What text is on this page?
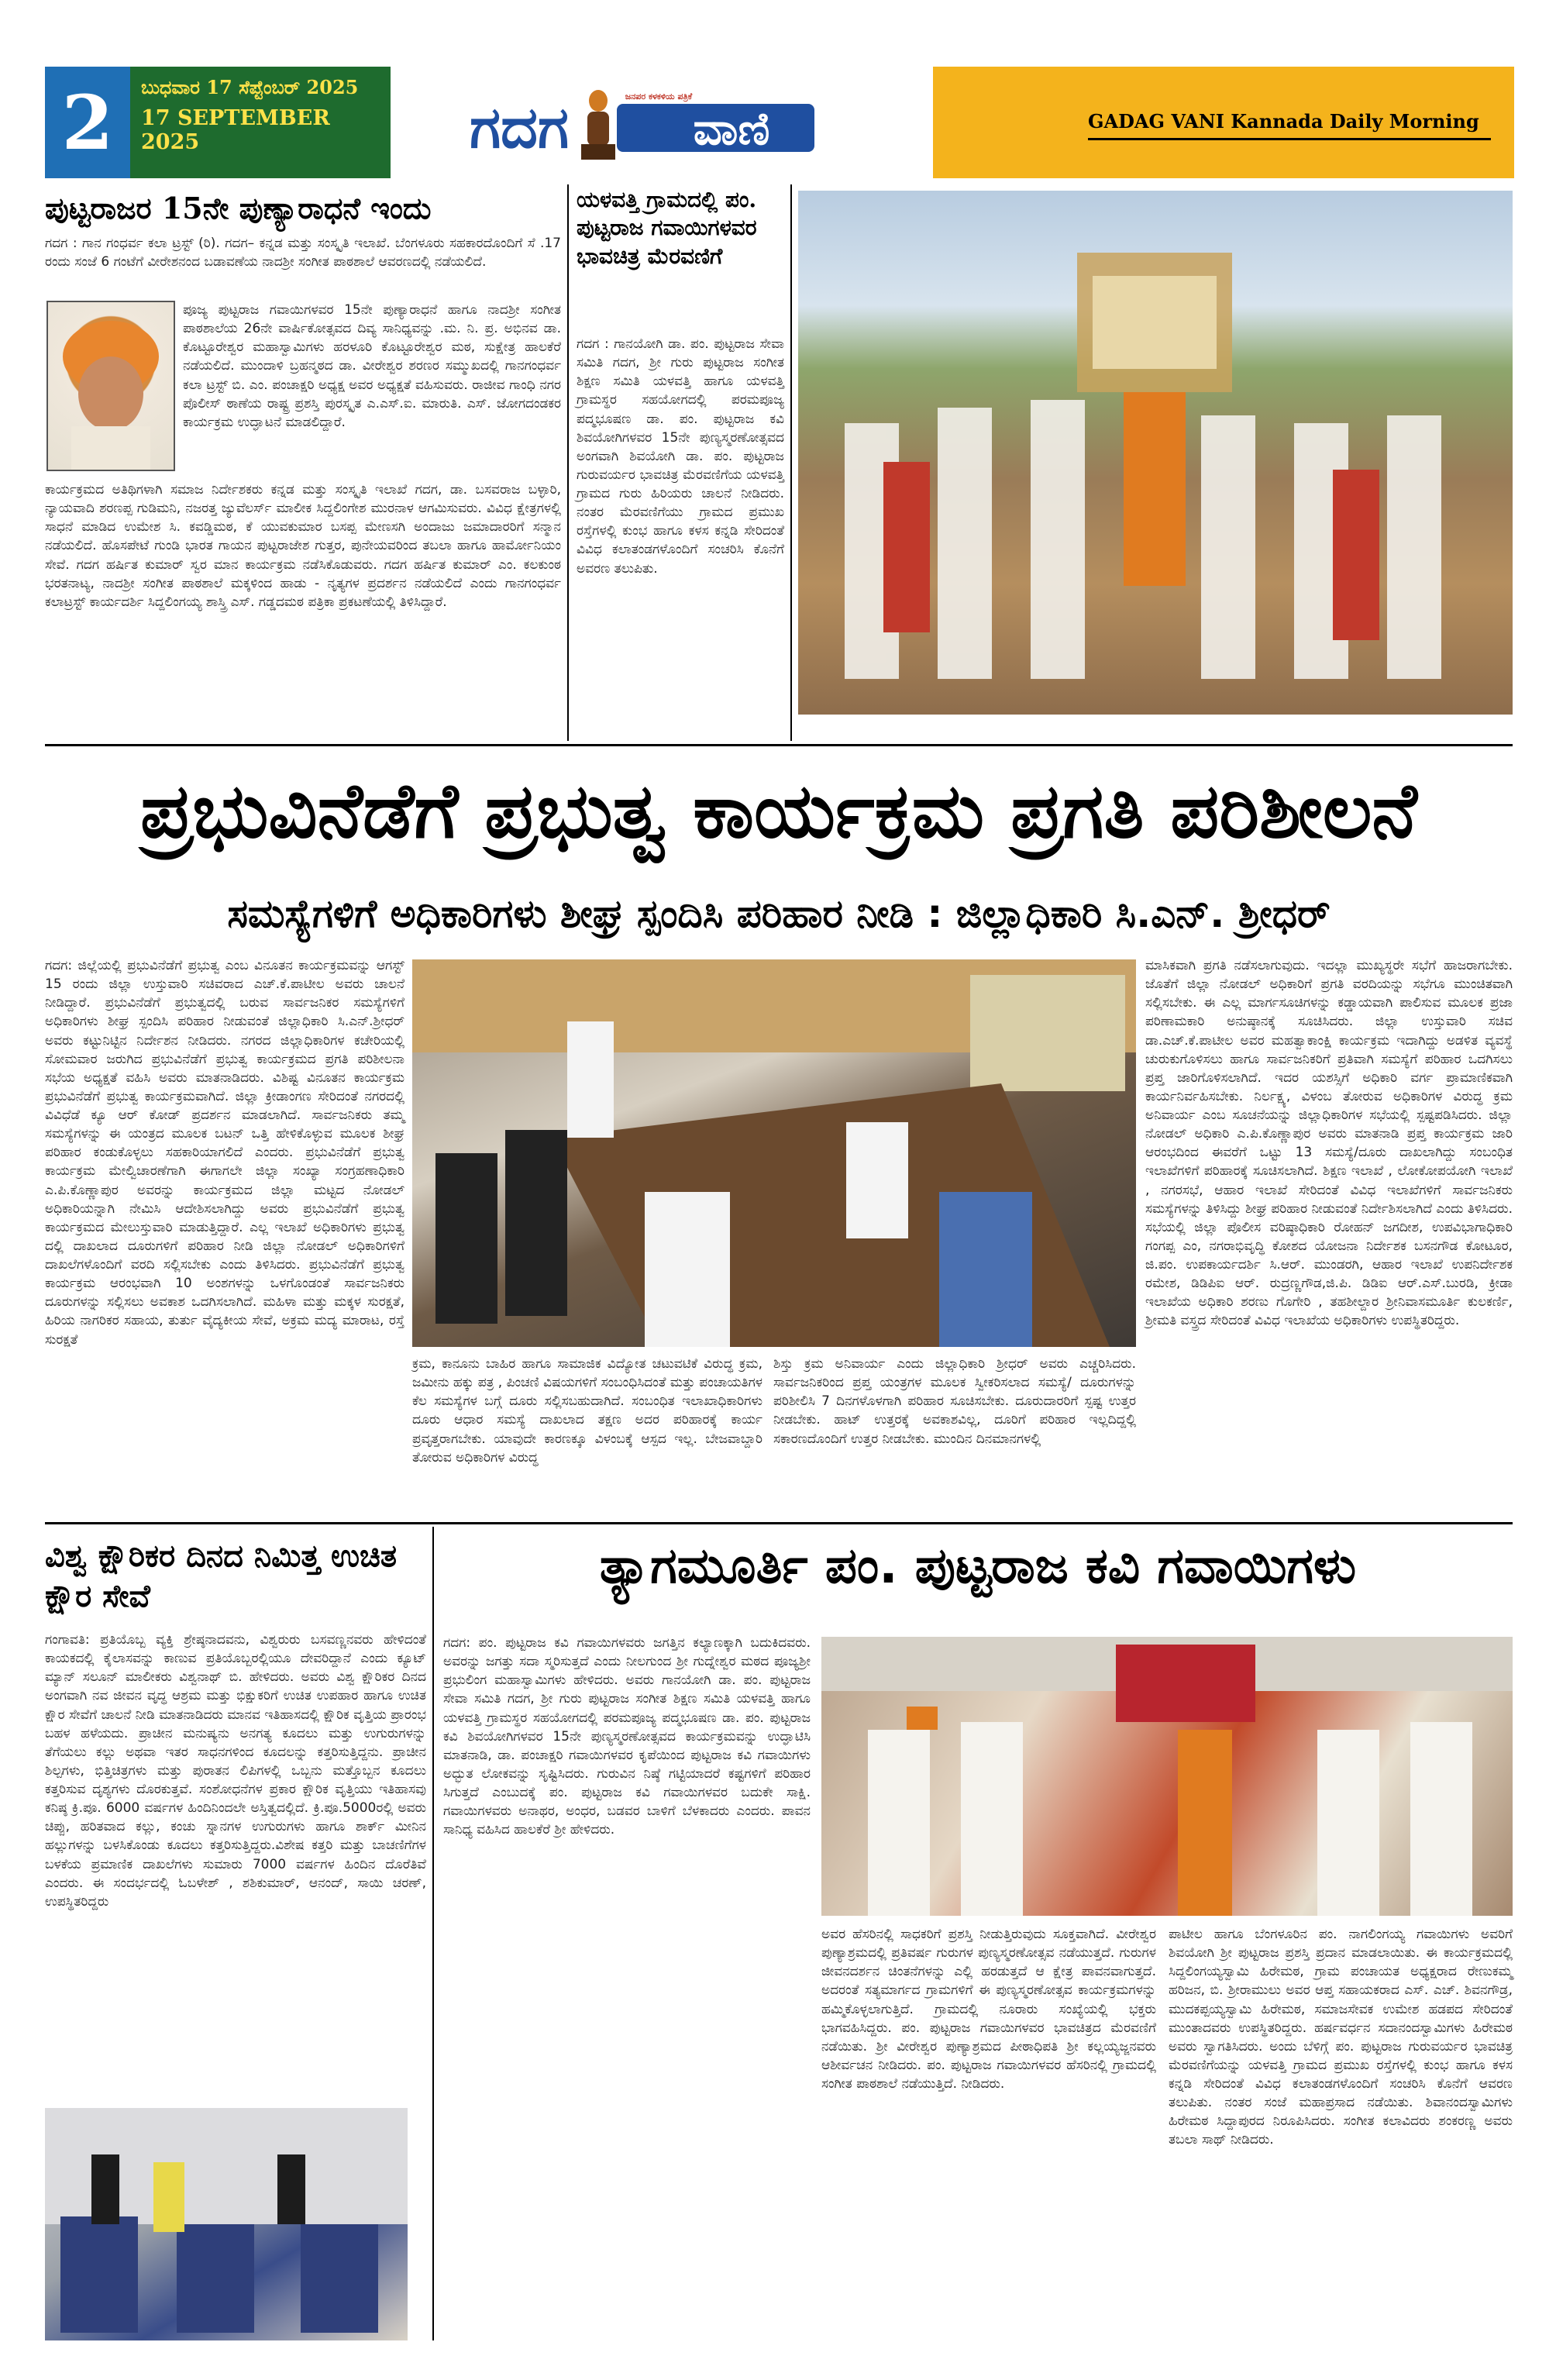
2	ಬುಧವಾರ 17 ಸೆಪ್ಟೆಂಬರ್ 2025
17 SEPTEMBER 2025	ಗದಗ	ವಾಣಿ
ಜನಪರ ಕಳಕಳಿಯ ಪತ್ರಿಕೆ
GADAG VANI Kannada Daily Morning
ಪುಟ್ಟರಾಜರ 15ನೇ ಪುಣ್ಯಾರಾಧನೆ ಇಂದು
ಗದಗ : ಗಾನ ಗಂಧರ್ವ ಕಲಾ ಟ್ರಸ್ಟ್ (ರಿ). ಗದಗ– ಕನ್ನಡ ಮತ್ತು ಸಂಸ್ಕೃತಿ ಇಲಾಖೆ. ಬೆಂಗಳೂರು ಸಹಕಾರದೊಂದಿಗೆ ಸೆ .17 ರಂದು ಸಂಜೆ 6 ಗಂಟೆಗೆ ವೀರೇಶನಂದ ಬಡಾವಣೆಯ ನಾದಶ್ರೀ ಸಂಗೀತ ಪಾಠಶಾಲೆ ಆವರಣದಲ್ಲಿ ನಡೆಯಲಿದೆ.
ಪೂಜ್ಯ ಪುಟ್ಟರಾಜ ಗವಾಯಿಗಳವರ 15ನೇ ಪುಣ್ಯಾರಾಧನೆ ಹಾಗೂ ನಾದಶ್ರೀ ಸಂಗೀತ ಪಾಠಶಾಲೆಯ 26ನೇ ವಾರ್ಷಿಕೋತ್ಸವದ ದಿವ್ಯ ಸಾನಿಧ್ಯವನ್ನು .ಮ. ನಿ. ಪ್ರ. ಅಭಿನವ ಡಾ. ಕೊಟ್ಟೂರೇಶ್ವರ ಮಹಾಸ್ವಾಮಿಗಳು ಹರಳೂರಿ ಕೊಟ್ಟೂರೇಶ್ವರ ಮಠ, ಸುಕ್ಷೇತ್ರ ಹಾಲಕೆರೆ ನಡೆಯಲಿದೆ. ಮುಂದಾಳಿ ಬ್ರಹನ್ಮಠದ ಡಾ. ವೀರೇಶ್ವರ ಶರಣರ ಸಮ್ಮುಖದಲ್ಲಿ ಗಾನಗಂಧರ್ವ ಕಲಾ ಟ್ರಸ್ಟ್ ಬಿ. ಎಂ. ಪಂಚಾಕ್ಷರಿ ಅಧ್ಯಕ್ಷ ಅವರ ಅಧ್ಯಕ್ಷತೆ ವಹಿಸುವರು. ರಾಜೀವ ಗಾಂಧಿ ನಗರ ಪೊಲೀಸ್ ಠಾಣೆಯ ರಾಷ್ಟ್ರ ಪ್ರಶಸ್ತಿ ಪುರಸ್ಕೃತ ಎ.ಎಸ್.ಐ. ಮಾರುತಿ. ಎಸ್. ಜೋಗದಂಡಕರ ಕಾರ್ಯಕ್ರಮ ಉದ್ಘಾಟನೆ ಮಾಡಲಿದ್ದಾರೆ.
ಕಾರ್ಯಕ್ರಮದ ಅತಿಥಿಗಳಾಗಿ ಸಮಾಜ ನಿರ್ದೇಶಕರು ಕನ್ನಡ ಮತ್ತು ಸಂಸ್ಕೃತಿ ಇಲಾಖೆ ಗದಗ, ಡಾ. ಬಸವರಾಜ ಬಳ್ಳಾರಿ, ನ್ಯಾಯವಾದಿ ಶರಣಪ್ಪ ಗುಡಿಮನಿ, ನಜರತ್ತ ಜ್ಯುವೆಲರ್ಸ್ ಮಾಲೀಕ ಸಿದ್ದಲಿಂಗೇಶ ಮುರನಾಳ ಆಗಮಿಸುವರು. ವಿವಿಧ ಕ್ಷೇತ್ರಗಳಲ್ಲಿ ಸಾಧನೆ ಮಾಡಿದ ಉಮೇಶ ಸಿ. ಕವಡ್ಡಿಮಠ, ಕೆ ಯುವಕುಮಾರ ಬಸಪ್ಪ ಮೇಣಸಗಿ ಅಂದಾಜು ಜಮಾದಾರರಿಗೆ ಸನ್ಮಾನ ನಡೆಯಲಿದೆ. ಹೊಸಪೇಟೆ ಗುಂಡಿ ಭಾರತ ಗಾಯನ ಪುಟ್ಟರಾಜೇಶ ಗುತ್ತರ, ಪುನೇಯವರಿಂದ ತಬಲಾ ಹಾಗೂ ಹಾರ್ಮೋನಿಯಂ ಸೇವೆ. ಗದಗ ಹರ್ಷಿತ ಕುಮಾರ್ ಸ್ವರ ಮಾನ ಕಾರ್ಯಕ್ರಮ ನಡೆಸಿಕೊಡುವರು. ಗದಗ ಹರ್ಷಿತ ಕುಮಾರ್ ಎಂ. ಕಲಕುಂಠ ಭರತನಾಟ್ಯ, ನಾದಶ್ರೀ ಸಂಗೀತ ಪಾಠಶಾಲೆ ಮಕ್ಕಳಿಂದ ಹಾಡು - ನೃತ್ಯಗಳ ಪ್ರದರ್ಶನ ನಡೆಯಲಿದೆ ಎಂದು ಗಾನಗಂಧರ್ವ ಕಲಾಟ್ರಸ್ಟ್ ಕಾರ್ಯದರ್ಶಿ ಸಿದ್ದಲಿಂಗಯ್ಯ ಶಾಸ್ತ್ರಿ ಎಸ್. ಗಡ್ಡದಮಠ ಪತ್ರಿಕಾ ಪ್ರಕಟಣೆಯಲ್ಲಿ ತಿಳಿಸಿದ್ದಾರೆ.
ಯಳವತ್ತಿ ಗ್ರಾಮದಲ್ಲಿ ಪಂ. ಪುಟ್ಟರಾಜ ಗವಾಯಿಗಳವರ ಭಾವಚಿತ್ರ ಮೆರವಣಿಗೆ
ಗದಗ : ಗಾನಯೋಗಿ ಡಾ. ಪಂ. ಪುಟ್ಟರಾಜ ಸೇವಾ ಸಮಿತಿ ಗದಗ, ಶ್ರೀ ಗುರು ಪುಟ್ಟರಾಜ ಸಂಗೀತ ಶಿಕ್ಷಣ ಸಮಿತಿ ಯಳವತ್ತಿ ಹಾಗೂ ಯಳವತ್ತಿ ಗ್ರಾಮಸ್ಥರ ಸಹಯೋಗದಲ್ಲಿ ಪರಮಪೂಜ್ಯ ಪದ್ಮಭೂಷಣ ಡಾ. ಪಂ. ಪುಟ್ಟರಾಜ ಕವಿ ಶಿವಯೋಗಿಗಳವರ 15ನೇ ಪುಣ್ಯಸ್ಮರಣೋತ್ಸವದ ಅಂಗವಾಗಿ ಶಿವಯೋಗಿ ಡಾ. ಪಂ. ಪುಟ್ಟರಾಜ ಗುರುವರ್ಯರ ಭಾವಚಿತ್ರ ಮೆರವಣಿಗೆಯ ಯಳವತ್ತಿ ಗ್ರಾಮದ ಗುರು ಹಿರಿಯರು ಚಾಲನೆ ನೀಡಿದರು. ನಂತರ ಮೆರವಣಿಗೆಯು ಗ್ರಾಮದ ಪ್ರಮುಖ ರಸ್ತೆಗಳಲ್ಲಿ ಕುಂಭ ಹಾಗೂ ಕಳಸ ಕನ್ನಡಿ ಸೇರಿದಂತೆ ವಿವಿಧ ಕಲಾತಂಡಗಳೊಂದಿಗೆ ಸಂಚರಿಸಿ ಕೊನೆಗೆ ಅವರಣ ತಲುಪಿತು.
ಪ್ರಭುವಿನೆಡೆಗೆ ಪ್ರಭುತ್ವ ಕಾರ್ಯಕ್ರಮ ಪ್ರಗತಿ ಪರಿಶೀಲನೆ
ಸಮಸ್ಯೆಗಳಿಗೆ ಅಧಿಕಾರಿಗಳು ಶೀಘ್ರ ಸ್ಪಂದಿಸಿ ಪರಿಹಾರ ನೀಡಿ : ಜಿಲ್ಲಾಧಿಕಾರಿ ಸಿ.ಎನ್. ಶ್ರೀಧರ್
ಗದಗ: ಜಿಲ್ಲೆಯಲ್ಲಿ ಪ್ರಭುವಿನೆಡೆಗೆ ಪ್ರಭುತ್ವ ಎಂಬ ವಿನೂತನ ಕಾರ್ಯಕ್ರಮವನ್ನು ಆಗಸ್ಟ್ 15 ರಂದು ಜಿಲ್ಲಾ ಉಸ್ತುವಾರಿ ಸಚಿವರಾದ ಎಚ್.ಕೆ.ಪಾಟೀಲ ಅವರು ಚಾಲನೆ ನೀಡಿದ್ದಾರೆ. ಪ್ರಭುವಿನೆಡೆಗೆ ಪ್ರಭುತ್ವದಲ್ಲಿ ಬರುವ ಸಾರ್ವಜನಿಕರ ಸಮಸ್ಯೆಗಳಿಗೆ ಅಧಿಕಾರಿಗಳು ಶೀಘ್ರ ಸ್ಪಂದಿಸಿ ಪರಿಹಾರ ನೀಡುವಂತೆ ಜಿಲ್ಲಾಧಿಕಾರಿ ಸಿ.ಎನ್.ಶ್ರೀಧರ್ ಅವರು ಕಟ್ಟುನಿಟ್ಟಿನ ನಿರ್ದೇಶನ ನೀಡಿದರು. ನಗರದ ಜಿಲ್ಲಾಧಿಕಾರಿಗಳ ಕಚೇರಿಯಲ್ಲಿ ಸೋಮವಾರ ಜರುಗಿದ ಪ್ರಭುವಿನೆಡೆಗೆ ಪ್ರಭುತ್ವ ಕಾರ್ಯಕ್ರಮದ ಪ್ರಗತಿ ಪರಿಶೀಲನಾ ಸಭೆಯ ಅಧ್ಯಕ್ಷತೆ ವಹಿಸಿ ಅವರು ಮಾತನಾಡಿದರು. ವಿಶಿಷ್ಟ ವಿನೂತನ ಕಾರ್ಯಕ್ರಮ ಪ್ರಭುವಿನೆಡೆಗೆ ಪ್ರಭುತ್ವ ಕಾರ್ಯಕ್ರಮವಾಗಿದೆ. ಜಿಲ್ಲಾ ಕ್ರೀಡಾಂಗಣ ಸೇರಿದಂತೆ ನಗರದಲ್ಲಿ ವಿವಿಧೆಡೆ ಕ್ಯೂ ಆರ್ ಕೋಡ್ ಪ್ರದರ್ಶನ ಮಾಡಲಾಗಿದೆ. ಸಾರ್ವಜನಿಕರು ತಮ್ಮ ಸಮಸ್ಯೆಗಳನ್ನು ಈ ಯಂತ್ರದ ಮೂಲಕ ಬಟನ್ ಒತ್ತಿ ಹೇಳಿಕೊಳ್ಳುವ ಮೂಲಕ ಶೀಘ್ರ ಪರಿಹಾರ ಕಂಡುಕೊಳ್ಳಲು ಸಹಕಾರಿಯಾಗಲಿದೆ ಎಂದರು. ಪ್ರಭುವಿನೆಡೆಗೆ ಪ್ರಭುತ್ವ ಕಾರ್ಯಕ್ರಮ ಮೇಲ್ವಿಚಾರಣೆಗಾಗಿ ಈಗಾಗಲೇ ಜಿಲ್ಲಾ ಸಂಖ್ಯಾ ಸಂಗ್ರಹಣಾಧಿಕಾರಿ ಎ.ಪಿ.ಕೊಣ್ಣಾಪುರ ಅವರನ್ನು ಕಾರ್ಯಕ್ರಮದ ಜಿಲ್ಲಾ ಮಟ್ಟದ ನೋಡಲ್ ಅಧಿಕಾರಿಯನ್ನಾಗಿ ನೇಮಿಸಿ ಆದೇಶಿಸಲಾಗಿದ್ದು ಅವರು ಪ್ರಭುವಿನೆಡೆಗೆ ಪ್ರಭುತ್ವ ಕಾರ್ಯಕ್ರಮದ ಮೇಲುಸ್ತುವಾರಿ ಮಾಡುತ್ತಿದ್ದಾರೆ. ಎಲ್ಲ ಇಲಾಖೆ ಅಧಿಕಾರಿಗಳು ಪ್ರಭುತ್ವ ದಲ್ಲಿ ದಾಖಲಾದ ದೂರುಗಳಿಗೆ ಪರಿಹಾರ ನೀಡಿ ಜಿಲ್ಲಾ ನೋಡಲ್ ಅಧಿಕಾರಿಗಳಿಗೆ ದಾಖಲೆಗಳೊಂದಿಗೆ ವರದಿ ಸಲ್ಲಿಸಬೇಕು ಎಂದು ತಿಳಿಸಿದರು. ಪ್ರಭುವಿನೆಡೆಗೆ ಪ್ರಭುತ್ವ ಕಾರ್ಯಕ್ರಮ ಆರಂಭವಾಗಿ 10 ಅಂಶಗಳನ್ನು ಒಳಗೊಂಡಂತೆ ಸಾರ್ವಜನಿಕರು ದೂರುಗಳನ್ನು ಸಲ್ಲಿಸಲು ಅವಕಾಶ ಒದಗಿಸಲಾಗಿದೆ. ಮಹಿಳಾ ಮತ್ತು ಮಕ್ಕಳ ಸುರಕ್ಷತೆ, ಹಿರಿಯ ನಾಗರಿಕರ ಸಹಾಯ, ತುರ್ತು ವೈದ್ಯಕೀಯ ಸೇವೆ, ಅಕ್ರಮ ಮದ್ಯ ಮಾರಾಟ, ರಸ್ತೆ ಸುರಕ್ಷತೆ
ಕ್ರಮ, ಕಾನೂನು ಬಾಹಿರ ಹಾಗೂ ಸಾಮಾಜಿಕ ವಿದ್ಯೋತ ಚಟುವಟಿಕೆ ವಿರುದ್ಧ ಕ್ರಮ, ಜಮೀನು ಹಕ್ಕು ಪತ್ರ , ಪಿಂಚಣಿ ವಿಷಯಗಳಿಗೆ ಸಂಬಂಧಿಸಿದಂತೆ ಮತ್ತು ಪಂಚಾಯತಿಗಳ ಕೆಲ ಸಮಸ್ಯೆಗಳ ಬಗ್ಗೆ ದೂರು ಸಲ್ಲಿಸಬಹುದಾಗಿದೆ. ಸಂಬಂಧಿತ ಇಲಾಖಾಧಿಕಾರಿಗಳು ದೂರು ಆಧಾರ ಸಮಸ್ಯೆ ದಾಖಲಾದ ತಕ್ಷಣ ಅದರ ಪರಿಹಾರಕ್ಕೆ ಕಾರ್ಯ ಪ್ರವೃತ್ತರಾಗಬೇಕು. ಯಾವುದೇ ಕಾರಣಕ್ಕೂ ವಿಳಂಬಕ್ಕೆ ಆಸ್ಪದ ಇಲ್ಲ. ಬೇಜವಾಬ್ದಾರಿ ತೋರುವ ಅಧಿಕಾರಿಗಳ ವಿರುದ್ಧ
ಶಿಸ್ತು ಕ್ರಮ ಅನಿವಾರ್ಯ ಎಂದು ಜಿಲ್ಲಾಧಿಕಾರಿ ಶ್ರೀಧರ್ ಅವರು ಎಚ್ಚರಿಸಿದರು. ಸಾರ್ವಜನಿಕರಿಂದ ಪ್ರಪ್ತ ಯಂತ್ರಗಳ ಮೂಲಕ ಸ್ವೀಕರಿಸಲಾದ ಸಮಸ್ಯೆ/ ದೂರುಗಳನ್ನು ಪರಿಶೀಲಿಸಿ 7 ದಿನಗಳೊಳಗಾಗಿ ಪರಿಹಾರ ಸೂಚಿಸಬೇಕು. ದೂರುದಾರರಿಗೆ ಸ್ಪಷ್ಟ ಉತ್ತರ ನೀಡಬೇಕು. ಹಾಟ್ ಉತ್ತರಕ್ಕೆ ಅವಕಾಶವಿಲ್ಲ, ದೂರಿಗೆ ಪರಿಹಾರ ಇಲ್ಲದಿದ್ದಲ್ಲಿ ಸಕಾರಣದೊಂದಿಗೆ ಉತ್ತರ ನೀಡಬೇಕು. ಮುಂದಿನ ದಿನಮಾನಗಳಲ್ಲಿ
ಮಾಸಿಕವಾಗಿ ಪ್ರಗತಿ ನಡೆಸಲಾಗುವುದು. ಇದಲ್ಲಾ ಮುಖ್ಯಸ್ಥರೇ ಸಭೆಗೆ ಹಾಜರಾಗಬೇಕು. ಜೊತೆಗೆ ಜಿಲ್ಲಾ ನೋಡಲ್ ಅಧಿಕಾರಿಗೆ ಪ್ರಗತಿ ವರದಿಯನ್ನು ಸಭೆಗೂ ಮುಂಚಿತವಾಗಿ ಸಲ್ಲಿಸಬೇಕು. ಈ ಎಲ್ಲ ಮಾರ್ಗಸೂಚಿಗಳನ್ನು ಕಡ್ಡಾಯವಾಗಿ ಪಾಲಿಸುವ ಮೂಲಕ ಪ್ರಜಾ ಪರಿಣಾಮಕಾರಿ ಅನುಷ್ಠಾನಕ್ಕೆ ಸೂಚಿಸಿದರು. ಜಿಲ್ಲಾ ಉಸ್ತುವಾರಿ ಸಚಿವ ಡಾ.ಎಚ್.ಕೆ.ಪಾಟೀಲ ಅವರ ಮಹತ್ವಾಕಾಂಕ್ಷಿ ಕಾರ್ಯಕ್ರಮ ಇದಾಗಿದ್ದು ಅಡಳಿತ ವ್ಯವಸ್ಥೆ ಚುರುಕುಗೊಳಿಸಲು ಹಾಗೂ ಸಾರ್ವಜನಿಕರಿಗೆ ಪ್ರತಿವಾಗಿ ಸಮಸ್ಯೆಗೆ ಪರಿಹಾರ ಒದಗಿಸಲು ಪ್ರಪ್ತ ಜಾರಿಗೊಳಿಸಲಾಗಿದೆ. ಇದರ ಯಶಸ್ಸಿಗೆ ಅಧಿಕಾರಿ ವರ್ಗ ಪ್ರಾಮಾಣಿಕವಾಗಿ ಕಾರ್ಯನಿರ್ವಹಿಸಬೇಕು. ನಿರ್ಲಕ್ಷ್ಯ, ವಿಳಂಬ ತೋರುವ ಅಧಿಕಾರಿಗಳ ವಿರುದ್ಧ ಕ್ರಮ ಅನಿವಾರ್ಯ ಎಂಬ ಸೂಚನೆಯನ್ನು ಜಿಲ್ಲಾಧಿಕಾರಿಗಳ ಸಭೆಯಲ್ಲಿ ಸ್ಪಷ್ಟಪಡಿಸಿದರು. ಜಿಲ್ಲಾ ನೋಡಲ್ ಅಧಿಕಾರಿ ಎ.ಪಿ.ಕೊಣ್ಣಾಪುರ ಅವರು ಮಾತನಾಡಿ ಪ್ರಪ್ತ ಕಾರ್ಯಕ್ರಮ ಜಾರಿ ಆರಂಭದಿಂದ ಈವರೆಗೆ ಒಟ್ಟು 13 ಸಮಸ್ಯೆ/ದೂರು ದಾಖಲಾಗಿದ್ದು ಸಂಬಂಧಿತ ಇಲಾಖೆಗಳಿಗೆ ಪರಿಹಾರಕ್ಕೆ ಸೂಚಿಸಲಾಗಿದೆ. ಶಿಕ್ಷಣ ಇಲಾಖೆ , ಲೋಕೋಪಯೋಗಿ ಇಲಾಖೆ , ನಗರಸಭೆ, ಆಹಾರ ಇಲಾಖೆ ಸೇರಿದಂತೆ ವಿವಿಧ ಇಲಾಖೆಗಳಿಗೆ ಸಾರ್ವಜನಿಕರು ಸಮಸ್ಯೆಗಳನ್ನು ತಿಳಿಸಿದ್ದು ಶೀಘ್ರ ಪರಿಹಾರ ನೀಡುವಂತೆ ನಿರ್ದೇಶಿಸಲಾಗಿದೆ ಎಂದು ತಿಳಿಸಿದರು. ಸಭೆಯಲ್ಲಿ ಜಿಲ್ಲಾ ಪೊಲೀಸ ವರಿಷ್ಠಾಧಿಕಾರಿ ರೋಹನ್ ಜಗದೀಶ, ಉಪವಿಭಾಗಾಧಿಕಾರಿ ಗಂಗಪ್ಪ ಎಂ, ನಗರಾಭಿವೃದ್ಧಿ ಕೋಶದ ಯೋಜನಾ ನಿರ್ದೇಶಕ ಬಸನಗೌಡ ಕೋಟೂರ, ಜಿ.ಪಂ. ಉಪಕಾರ್ಯದರ್ಶಿ ಸಿ.ಆರ್. ಮುಂಡರಗಿ, ಆಹಾರ ಇಲಾಖೆ ಉಪನಿರ್ದೇಶಕ ರಮೇಶ, ಡಿಡಿಪಿಐ ಆರ್. ರುದ್ರಣ್ಣಗೌಡ,ಜಿ.ಪಿ. ಡಿಡಿಐ ಆರ್.ಎಸ್.ಬುರಡಿ, ಕ್ರೀಡಾ ಇಲಾಖೆಯ ಅಧಿಕಾರಿ ಶರಣು ಗೊಗೇರಿ , ತಹಶೀಲ್ದಾರ ಶ್ರೀನಿವಾಸಮೂರ್ತಿ ಕುಲಕರ್ಣಿ, ಶ್ರೀಮತಿ ವಸ್ತ್ರದ ಸೇರಿದಂತೆ ವಿವಿಧ ಇಲಾಖೆಯ ಅಧಿಕಾರಿಗಳು ಉಪಸ್ಥಿತರಿದ್ದರು.
ವಿಶ್ವ ಕ್ಷೌರಿಕರ ದಿನದ ನಿಮಿತ್ತ ಉಚಿತ ಕ್ಷೌರ ಸೇವೆ
ಗಂಗಾವತಿ: ಪ್ರತಿಯೊಬ್ಬ ವ್ಯಕ್ತಿ ಶ್ರೇಷ್ಠನಾದವನು, ವಿಶ್ವರುರು ಬಸವಣ್ಣನವರು ಹೇಳಿದಂತೆ ಕಾಯಕದಲ್ಲಿ ಕೈಲಾಸವನ್ನು ಕಾಣುವ ಪ್ರತಿಯೊಬ್ಬರಲ್ಲಿಯೂ ದೇವರಿದ್ದಾನೆ ಎಂದು ಕ್ಯೂಟ್ ಮ್ಯಾನ್ ಸಲೂನ್ ಮಾಲೀಕರು ವಿಶ್ವನಾಥ್ ಬಿ. ಹೇಳಿದರು. ಅವರು ವಿಶ್ವ ಕ್ಷೌರಿಕರ ದಿನದ ಅಂಗವಾಗಿ ನವ ಜೀವನ ವೃದ್ಧ ಆಶ್ರಮ ಮತ್ತು ಭಿಕ್ಷುಕರಿಗೆ ಉಚಿತ ಉಪಹಾರ ಹಾಗೂ ಉಚಿತ ಕ್ಷೌರ ಸೇವೆಗೆ ಚಾಲನೆ ನೀಡಿ ಮಾತನಾಡಿದರು ಮಾನವ ಇತಿಹಾಸದಲ್ಲಿ ಕ್ಷೌರಿಕ ವೃತ್ತಿಯ ಪ್ರಾರಂಭ ಬಹಳ ಹಳೆಯದು. ಪ್ರಾಚೀನ ಮನುಷ್ಯನು ಅನಗತ್ಯ ಕೂದಲು ಮತ್ತು ಉಗುರುಗಳನ್ನು ತೆಗೆಯಲು ಕಲ್ಲು ಅಥವಾ ಇತರ ಸಾಧನಗಳಿಂದ ಕೂದಲನ್ನು ಕತ್ತರಿಸುತ್ತಿದ್ದನು. ಪ್ರಾಚೀನ ಶಿಲ್ಪಗಳು, ಭಿತ್ತಿಚಿತ್ರಗಳು ಮತ್ತು ಪುರಾತನ ಲಿಪಿಗಳಲ್ಲಿ ಒಬ್ಬನು ಮತ್ತೊಬ್ಬನ ಕೂದಲು ಕತ್ತರಿಸುವ ದೃಶ್ಯಗಳು ದೊರಕುತ್ತವೆ. ಸಂಶೋಧನೆಗಳ ಪ್ರಕಾರ ಕ್ಷೌರಿಕ ವೃತ್ತಿಯು ಇತಿಹಾಸವು ಕನಿಷ್ಠ ಕ್ರಿ.ಪೂ. 6000 ವರ್ಷಗಳ ಹಿಂದಿನಿಂದಲೇ ಅಸ್ತಿತ್ವದಲ್ಲಿದೆ. ಕ್ರಿ.ಪೂ.5000ರಲ್ಲಿ ಅವರು ಚಿಪ್ಪು, ಹರಿತವಾದ ಕಲ್ಲು, ಕಂಚು ಸ್ನಾನಗಳ ಉಗುರುಗಳು ಹಾಗೂ ಶಾರ್ಕ್ ಮೀನಿನ ಹಲ್ಲುಗಳನ್ನು ಬಳಸಿಕೊಂಡು ಕೂದಲು ಕತ್ತರಿಸುತ್ತಿದ್ದರು.ವಿಶೇಷ ಕತ್ತರಿ ಮತ್ತು ಬಾಚಣಿಗೆಗಳ ಬಳಕೆಯ ಪ್ರಮಾಣಿಕ ದಾಖಲೆಗಳು ಸುಮಾರು 7000 ವರ್ಷಗಳ ಹಿಂದಿನ ದೊರೆತಿವೆ ಎಂದರು. ಈ ಸಂದರ್ಭದಲ್ಲಿ ಓಬಳೇಶ್ , ಶಶಿಕುಮಾರ್, ಆನಂದ್, ಸಾಯಿ ಚರಣ್, ಉಪಸ್ಥಿತರಿದ್ದರು
ತ್ಯಾಗಮೂರ್ತಿ ಪಂ. ಪುಟ್ಟರಾಜ ಕವಿ ಗವಾಯಿಗಳು
ಗದಗ: ಪಂ. ಪುಟ್ಟರಾಜ ಕವಿ ಗವಾಯಿಗಳವರು ಜಗತ್ತಿನ ಕಲ್ಯಾಣಕ್ಕಾಗಿ ಬದುಕಿದವರು. ಅವರನ್ನು ಜಗತ್ತು ಸದಾ ಸ್ಮರಿಸುತ್ತದೆ ಎಂದು ನೀಲಗುಂದ ಶ್ರೀ ಗುದ್ನೇಶ್ವರ ಮಠದ ಪೂಜ್ಯಶ್ರೀ ಪ್ರಭುಲಿಂಗ ಮಹಾಸ್ವಾಮಿಗಳು ಹೇಳಿದರು. ಅವರು ಗಾನಯೋಗಿ ಡಾ. ಪಂ. ಪುಟ್ಟರಾಜ ಸೇವಾ ಸಮಿತಿ ಗದಗ, ಶ್ರೀ ಗುರು ಪುಟ್ಟರಾಜ ಸಂಗೀತ ಶಿಕ್ಷಣ ಸಮಿತಿ ಯಳವತ್ತಿ ಹಾಗೂ ಯಳವತ್ತಿ ಗ್ರಾಮಸ್ಥರ ಸಹಯೋಗದಲ್ಲಿ ಪರಮಪೂಜ್ಯ ಪದ್ಮಭೂಷಣ ಡಾ. ಪಂ. ಪುಟ್ಟರಾಜ ಕವಿ ಶಿವಯೋಗಿಗಳವರ 15ನೇ ಪುಣ್ಯಸ್ಮರಣೋತ್ಸವದ ಕಾರ್ಯಕ್ರಮವನ್ನು ಉದ್ಘಾಟಿಸಿ ಮಾತನಾಡಿ, ಡಾ. ಪಂಚಾಕ್ಷರಿ ಗವಾಯಿಗಳವರ ಕೃಪೆಯಿಂದ ಪುಟ್ಟರಾಜ ಕವಿ ಗವಾಯಿಗಳು ಅದ್ಭುತ ಲೋಕವನ್ನು ಸೃಷ್ಟಿಸಿದರು. ಗುರುವಿನ ನಿಷ್ಠೆ ಗಟ್ಟಿಯಾದರೆ ಕಷ್ಟಗಳಿಗೆ ಪರಿಹಾರ ಸಿಗುತ್ತದೆ ಎಂಬುದಕ್ಕೆ ಪಂ. ಪುಟ್ಟರಾಜ ಕವಿ ಗವಾಯಿಗಳವರ ಬದುಕೇ ಸಾಕ್ಷಿ. ಗವಾಯಿಗಳವರು ಅನಾಥರ, ಅಂಧರ, ಬಡವರ ಬಾಳಿಗೆ ಬೆಳಕಾದರು ಎಂದರು. ಪಾವನ ಸಾನಿಧ್ಯ ವಹಿಸಿದ ಹಾಲಕೆರೆ ಶ್ರೀ ಹೇಳಿದರು.
ಅವರ ಹೆಸರಿನಲ್ಲಿ ಸಾಧಕರಿಗೆ ಪ್ರಶಸ್ತಿ ನೀಡುತ್ತಿರುವುದು ಸೂಕ್ತವಾಗಿದೆ. ವೀರೇಶ್ವರ ಪುಣ್ಯಾಶ್ರಮದಲ್ಲಿ ಪ್ರತಿವರ್ಷ ಗುರುಗಳ ಪುಣ್ಯಸ್ಮರಣೋತ್ಸವ ನಡೆಯುತ್ತದೆ. ಗುರುಗಳ ಜೀವನದರ್ಶನ ಚಿಂತನೆಗಳನ್ನು ಎಲ್ಲಿ ಹರಡುತ್ತದೆ ಆ ಕ್ಷೇತ್ರ ಪಾವನವಾಗುತ್ತದೆ. ಅದರಂತೆ ಸತ್ಯಮಾರ್ಗದ ಗ್ರಾಮಗಳಿಗೆ ಈ ಪುಣ್ಯಸ್ಮರಣೋತ್ಸವ ಕಾರ್ಯಕ್ರಮಗಳನ್ನು ಹಮ್ಮಿಕೊಳ್ಳಲಾಗುತ್ತಿದೆ. ಗ್ರಾಮದಲ್ಲಿ ನೂರಾರು ಸಂಖ್ಯೆಯಲ್ಲಿ ಭಕ್ತರು ಭಾಗವಹಿಸಿದ್ದರು. ಪಂ. ಪುಟ್ಟರಾಜ ಗವಾಯಿಗಳವರ ಭಾವಚಿತ್ರದ ಮೆರವಣಿಗೆ ನಡೆಯಿತು. ಶ್ರೀ ವೀರೇಶ್ವರ ಪುಣ್ಯಾಶ್ರಮದ ಪೀಠಾಧಿಪತಿ ಶ್ರೀ ಕಲ್ಲಯ್ಯಜ್ಜನವರು ಆಶೀರ್ವಚನ ನೀಡಿದರು. ಪಂ. ಪುಟ್ಟರಾಜ ಗವಾಯಿಗಳವರ ಹೆಸರಿನಲ್ಲಿ ಗ್ರಾಮದಲ್ಲಿ ಸಂಗೀತ ಪಾಠಶಾಲೆ ನಡೆಯುತ್ತಿದೆ. ನೀಡಿದರು.
ಪಾಟೀಲ ಹಾಗೂ ಬೆಂಗಳೂರಿನ ಪಂ. ನಾಗಲಿಂಗಯ್ಯ ಗವಾಯಿಗಳು ಅವರಿಗೆ ಶಿವಯೋಗಿ ಶ್ರೀ ಪುಟ್ಟರಾಜ ಪ್ರಶಸ್ತಿ ಪ್ರದಾನ ಮಾಡಲಾಯಿತು. ಈ ಕಾರ್ಯಕ್ರಮದಲ್ಲಿ ಸಿದ್ದಲಿಂಗಯ್ಯಸ್ವಾಮಿ ಹಿರೇಮಠ, ಗ್ರಾಮ ಪಂಚಾಯತ ಅಧ್ಯಕ್ಷರಾದ ರೇಣುಕಮ್ಮ ಹರಿಜನ, ಬಿ. ಶ್ರೀರಾಮುಲು ಅವರ ಆಪ್ತ ಸಹಾಯಕರಾದ ಎಸ್. ಎಚ್. ಶಿವನಗೌಡ್ರ, ಮುದಕಪ್ಪಯ್ಯಸ್ವಾಮಿ ಹಿರೇಮಠ, ಸಮಾಜಸೇವಕ ಉಮೇಶ ಹಡಪದ ಸೇರಿದಂತೆ ಮುಂತಾದವರು ಉಪಸ್ಥಿತರಿದ್ದರು. ಹರ್ಷವರ್ಧನ ಸದಾನಂದಸ್ವಾಮಿಗಳು ಹಿರೇಮಠ ಅವರು ಸ್ವಾಗತಿಸಿದರು. ಅಂದು ಬೆಳಿಗ್ಗೆ ಪಂ. ಪುಟ್ಟರಾಜ ಗುರುವರ್ಯರ ಭಾವಚಿತ್ರ ಮೆರವಣಿಗೆಯನ್ನು ಯಳವತ್ತಿ ಗ್ರಾಮದ ಪ್ರಮುಖ ರಸ್ತೆಗಳಲ್ಲಿ ಕುಂಭ ಹಾಗೂ ಕಳಸ ಕನ್ನಡಿ ಸೇರಿದಂತೆ ವಿವಿಧ ಕಲಾತಂಡಗಳೊಂದಿಗೆ ಸಂಚರಿಸಿ ಕೊನೆಗೆ ಆವರಣ ತಲುಪಿತು. ನಂತರ ಸಂಜೆ ಮಹಾಪ್ರಸಾದ ನಡೆಯಿತು. ಶಿವಾನಂದಸ್ವಾಮಿಗಳು ಹಿರೇಮಠ ಸಿದ್ದಾಪುರದ ನಿರೂಪಿಸಿದರು. ಸಂಗೀತ ಕಲಾವಿದರು ಶಂಕರಣ್ಣ ಅವರು ತಬಲಾ ಸಾಥ್ ನೀಡಿದರು.
